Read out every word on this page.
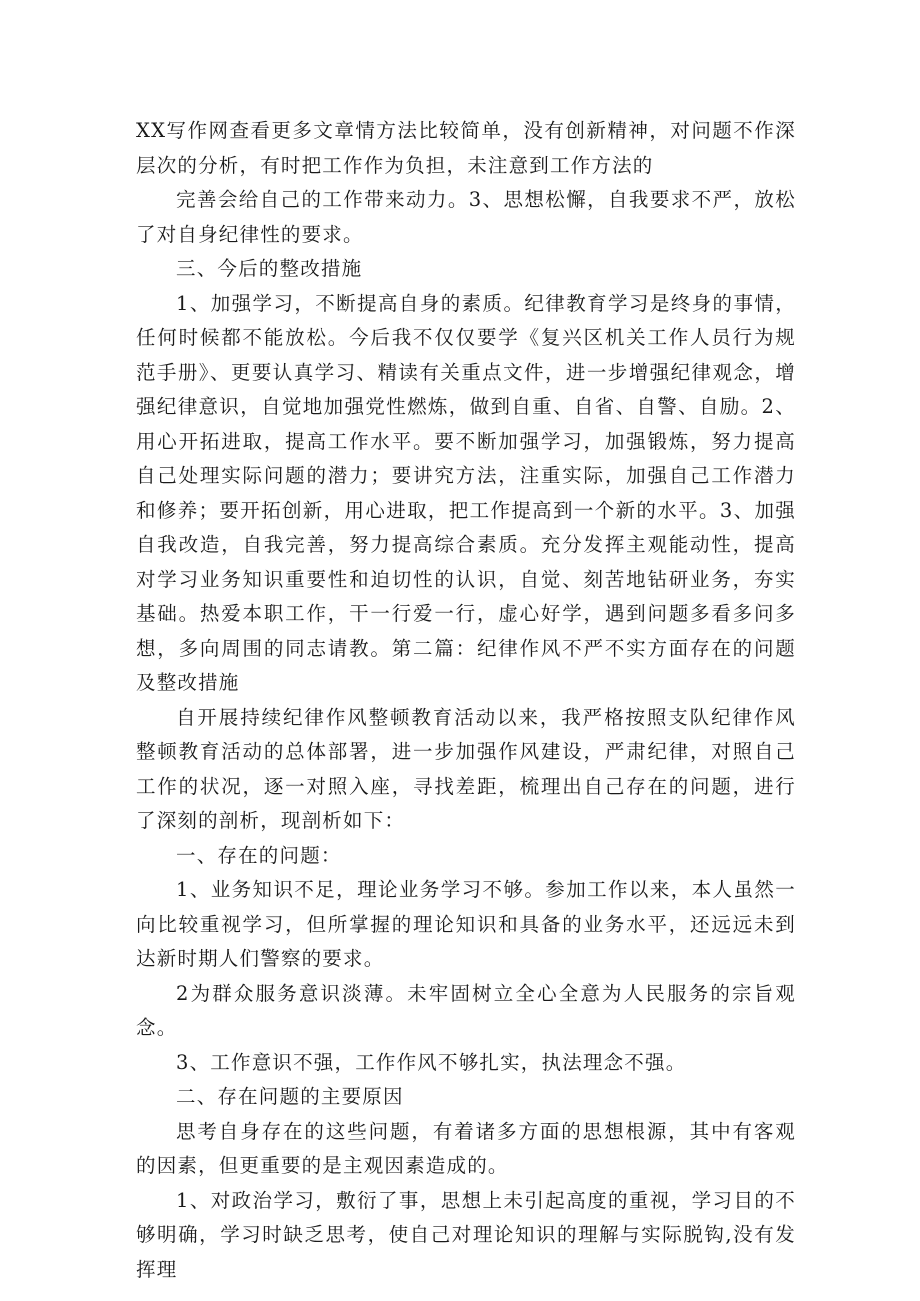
XX写作网查看更多文章情方法比较简单，没有创新精神，对问题不作深层次的分析，有时把工作作为负担，未注意到工作方法的

完善会给自己的工作带来动力。3、思想松懈，自我要求不严，放松了对自身纪律性的要求。

三、今后的整改措施

1、加强学习，不断提高自身的素质。纪律教育学习是终身的事情，任何时候都不能放松。今后我不仅仅要学《复兴区机关工作人员行为规范手册》、更要认真学习、精读有关重点文件，进一步增强纪律观念，增强纪律意识，自觉地加强党性燃炼，做到自重、自省、自警、自励。2、用心开拓进取，提高工作水平。要不断加强学习，加强锻炼，努力提高自己处理实际问题的潜力；要讲究方法，注重实际，加强自己工作潜力和修养；要开拓创新，用心进取，把工作提高到一个新的水平。3、加强自我改造，自我完善，努力提高综合素质。充分发挥主观能动性，提高对学习业务知识重要性和迫切性的认识，自觉、刻苦地钻研业务，夯实基础。热爱本职工作，干一行爱一行，虚心好学，遇到问题多看多问多想，多向周围的同志请教。第二篇：纪律作风不严不实方面存在的问题及整改措施

自开展持续纪律作风整顿教育活动以来，我严格按照支队纪律作风整顿教育活动的总体部署，进一步加强作风建设，严肃纪律，对照自己工作的状况，逐一对照入座，寻找差距，梳理出自己存在的问题，进行了深刻的剖析，现剖析如下：

一、存在的问题：

1、业务知识不足，理论业务学习不够。参加工作以来，本人虽然一向比较重视学习，但所掌握的理论知识和具备的业务水平，还远远未到达新时期人们警察的要求。

2为群众服务意识淡薄。未牢固树立全心全意为人民服务的宗旨观念。

3、工作意识不强，工作作风不够扎实，执法理念不强。

二、存在问题的主要原因

思考自身存在的这些问题，有着诸多方面的思想根源，其中有客观的因素，但更重要的是主观因素造成的。

1、对政治学习，敷衍了事，思想上未引起高度的重视，学习目的不够明确，学习时缺乏思考，使自己对理论知识的理解与实际脱钩,没有发挥理
